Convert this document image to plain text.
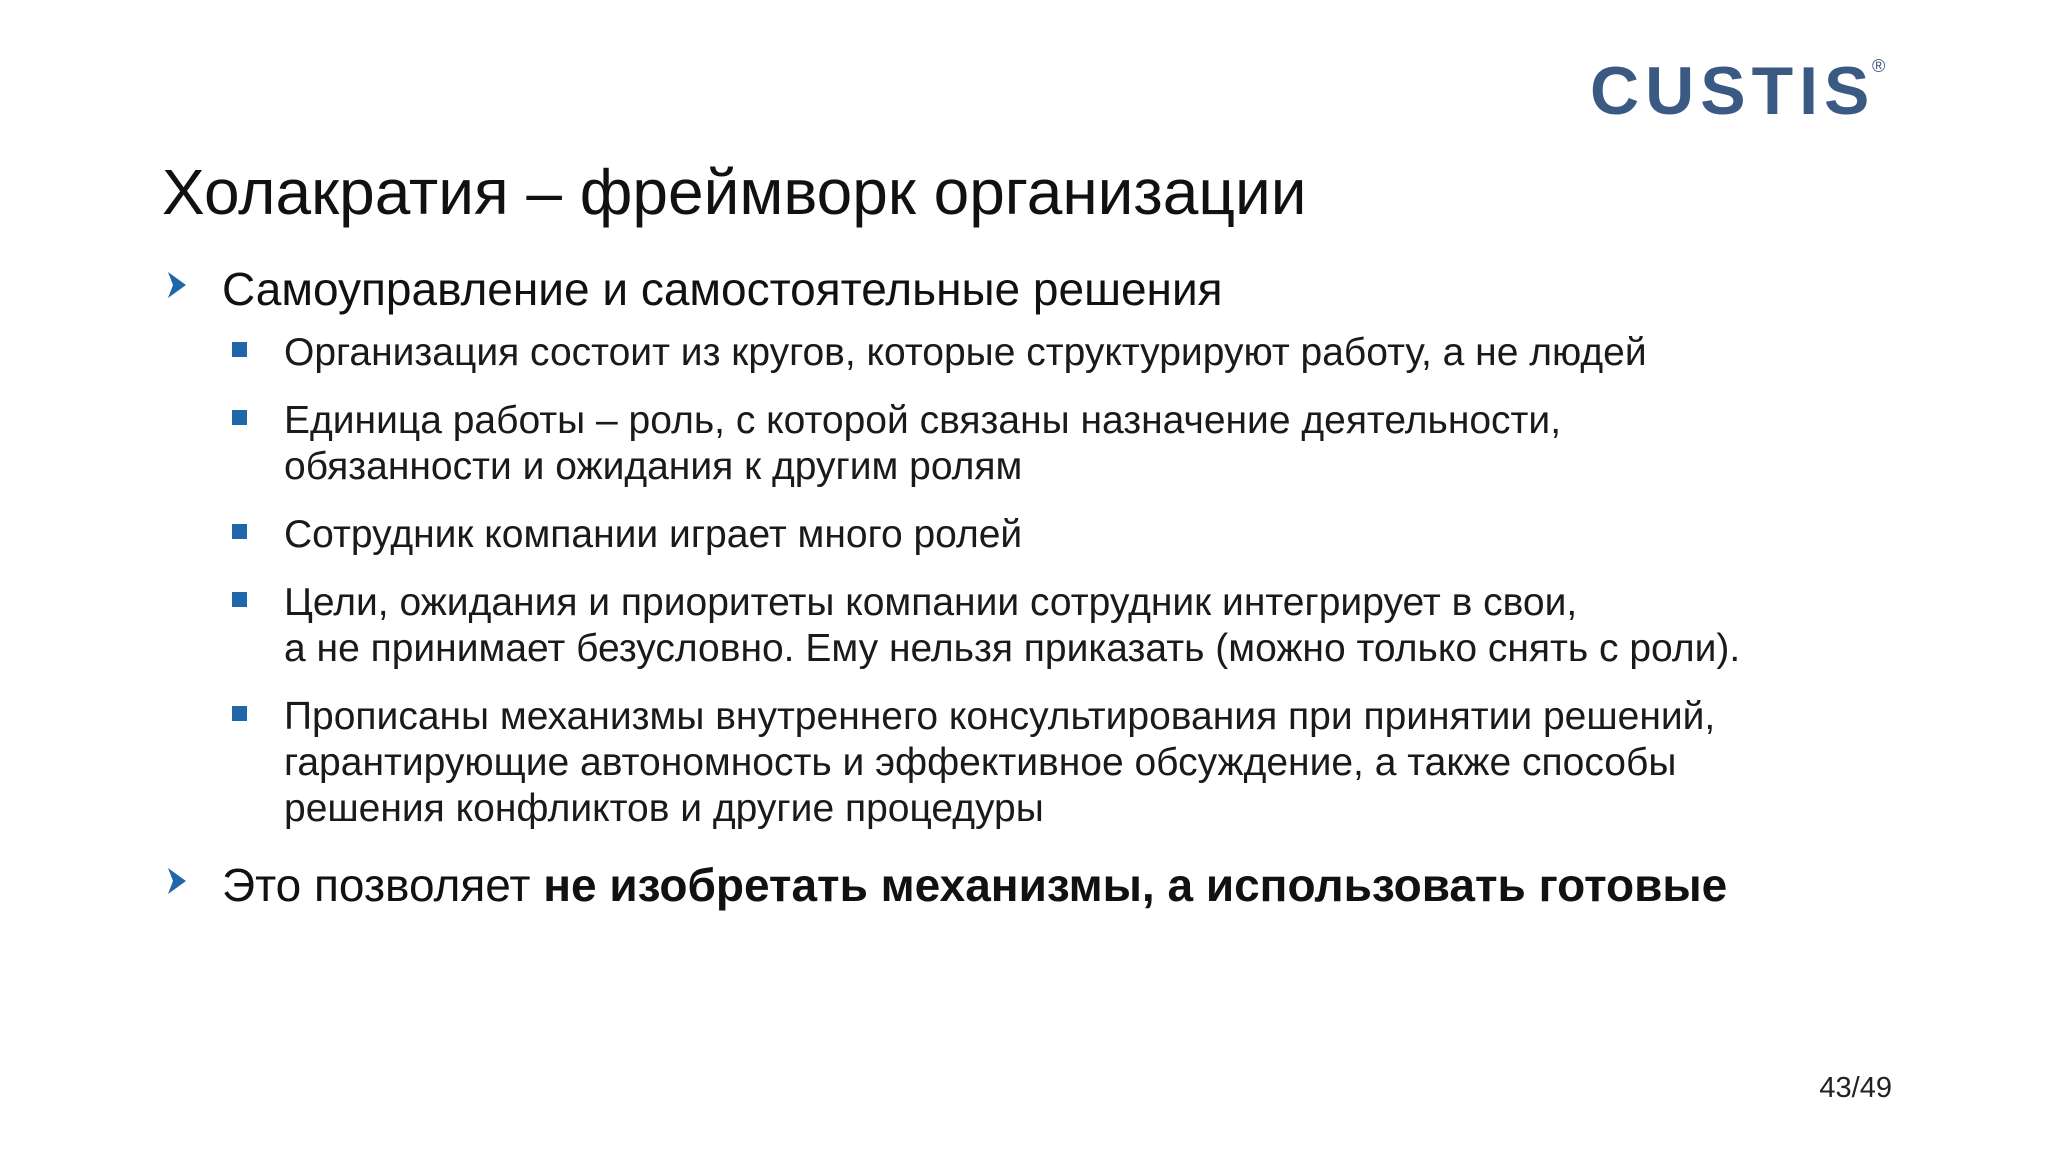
CUSTIS
®
Холакратия – фреймворк организации
Самоуправление и самостоятельные решения
Организация состоит из кругов, которые структурируют работу, а не людей
Единица работы – роль, с которой связаны назначение деятельности,
обязанности и ожидания к другим ролям
Сотрудник компании играет много ролей
Цели, ожидания и приоритеты компании сотрудник интегрирует в свои,
а не принимает безусловно. Ему нельзя приказать (можно только снять с роли).
Прописаны механизмы внутреннего консультирования при принятии решений,
гарантирующие автономность и эффективное обсуждение, а также способы
решения конфликтов и другие процедуры
Это позволяет не изобретать механизмы, а использовать готовые
43/49
